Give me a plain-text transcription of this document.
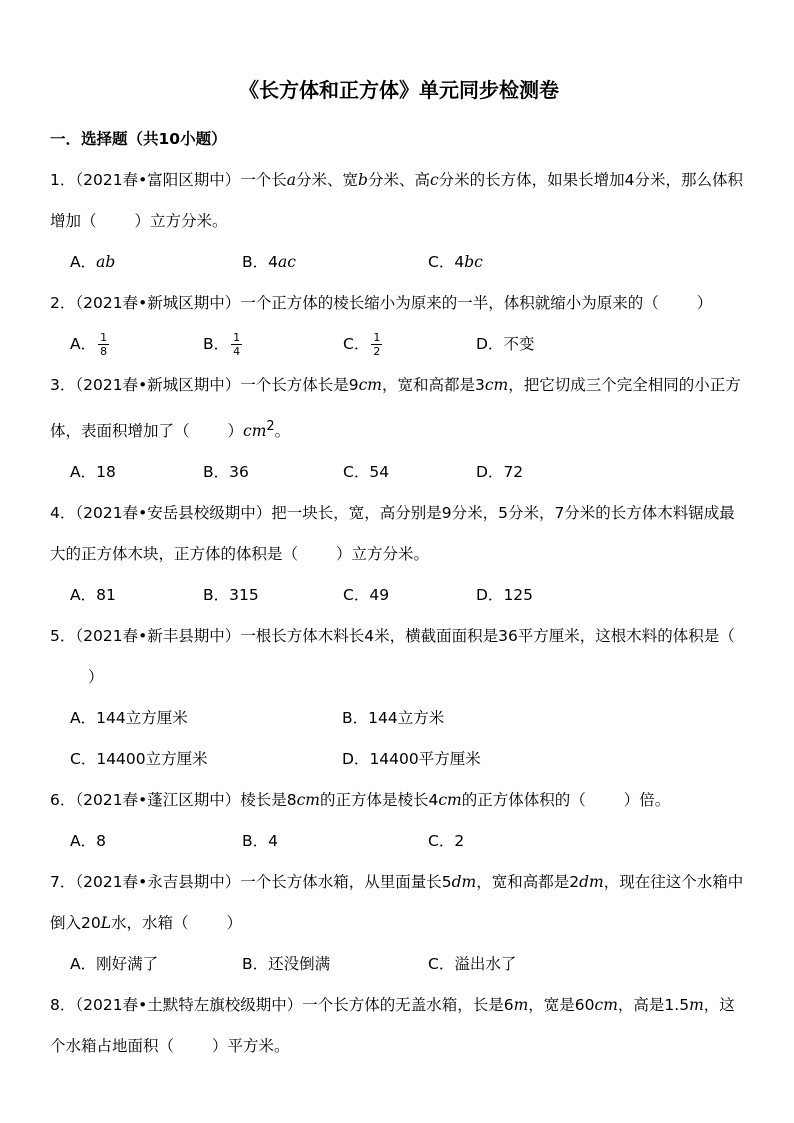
《长方体和正方体》单元同步检测卷
一．选择题（共10小题）
1．（2021春•富阳区期中）一个长a分米、宽b分米、高c分米的长方体，如果长增加4分米，那么体积增加（ ）立方分米。
A．ab	B．4ac	C．4bc
2．（2021春•新城区期中）一个正方体的棱长缩小为原来的一半，体积就缩小为原来的（ ）
A． $\frac{1}{8}$	B． $\frac{1}{4}$	C． $\frac{1}{2}$	D．不变
3．（2021春•新城区期中）一个长方体长是9cm，宽和高都是3cm，把它切成三个完全相同的小正方体，表面积增加了（ ）$cm^2$。
A．18	B．36	C．54	D．72
4．（2021春•安岳县校级期中）把一块长，宽，高分别是9分米，5分米，7分米的长方体木料锯成最大的正方体木块，正方体的体积是（ ）立方分米。
A．81	B．315	C．49	D．125
5．（2021春•新丰县期中）一根长方体木料长4米，横截面面积是36平方厘米，这根木料的体积是（）
A．144立方厘米	B．144立方米
C．14400立方厘米	D．14400平方厘米
6．（2021春•蓬江区期中）棱长是8cm的正方体是棱长4cm的正方体体积的（ ）倍。
A．8	B．4	C．2
7．（2021春•永吉县期中）一个长方体水箱，从里面量长5dm，宽和高都是2dm，现在往这个水箱中倒入20L水，水箱（ ）
A．刚好满了	B．还没倒满	C．溢出水了
8．（2021春•土默特左旗校级期中）一个长方体的无盖水箱，长是6m，宽是60cm，高是1.5m，这个水箱占地面积（ ）平方米。
